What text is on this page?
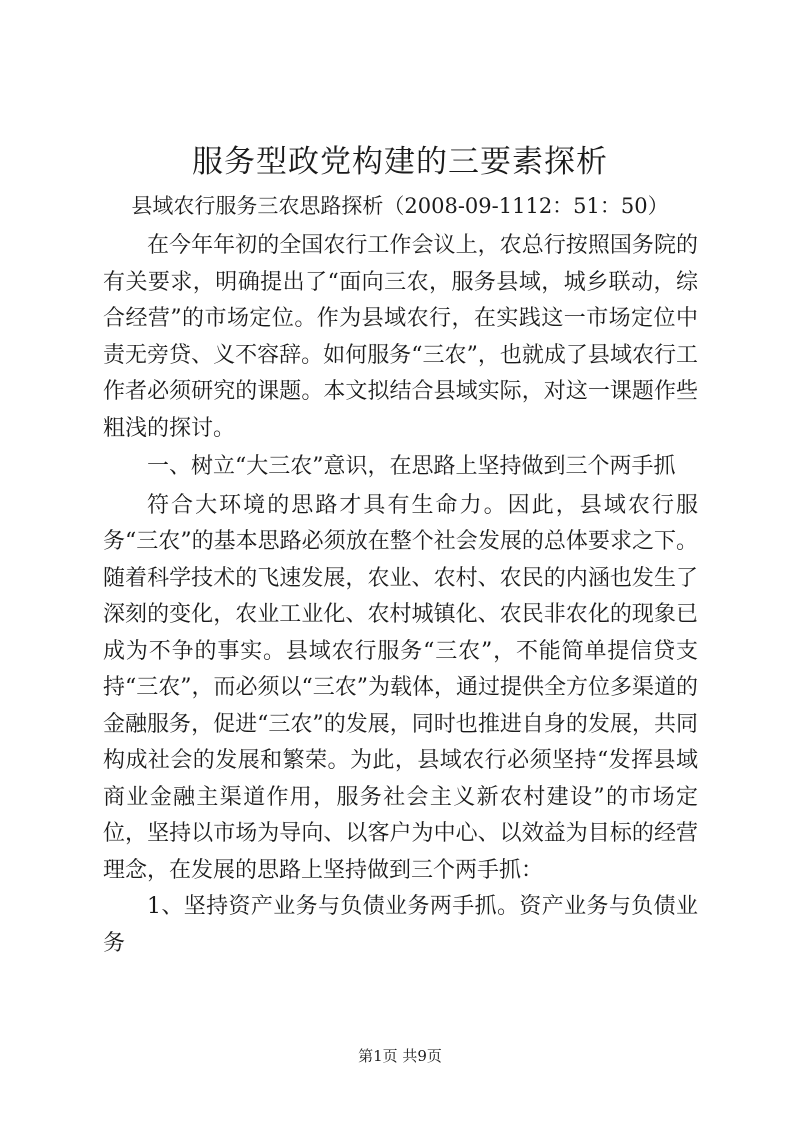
服务型政党构建的三要素探析
县域农行服务三农思路探析（2008-09-1112：51：50）

在今年年初的全国农行工作会议上，农总行按照国务院的有关要求，明确提出了“面向三农，服务县域，城乡联动，综合经营”的市场定位。作为县域农行，在实践这一市场定位中责无旁贷、义不容辞。如何服务“三农”，也就成了县域农行工作者必须研究的课题。本文拟结合县域实际，对这一课题作些粗浅的探讨。

一、树立“大三农”意识，在思路上坚持做到三个两手抓

符合大环境的思路才具有生命力。因此，县域农行服务“三农”的基本思路必须放在整个社会发展的总体要求之下。随着科学技术的飞速发展，农业、农村、农民的内涵也发生了深刻的变化，农业工业化、农村城镇化、农民非农化的现象已成为不争的事实。县域农行服务“三农”，不能简单提信贷支持“三农”，而必须以“三农”为载体，通过提供全方位多渠道的金融服务，促进“三农”的发展，同时也推进自身的发展，共同构成社会的发展和繁荣。为此，县域农行必须坚持“发挥县域商业金融主渠道作用，服务社会主义新农村建设”的市场定位，坚持以市场为导向、以客户为中心、以效益为目标的经营理念，在发展的思路上坚持做到三个两手抓：

1、坚持资产业务与负债业务两手抓。资产业务与负债业务

第1页 共9页
